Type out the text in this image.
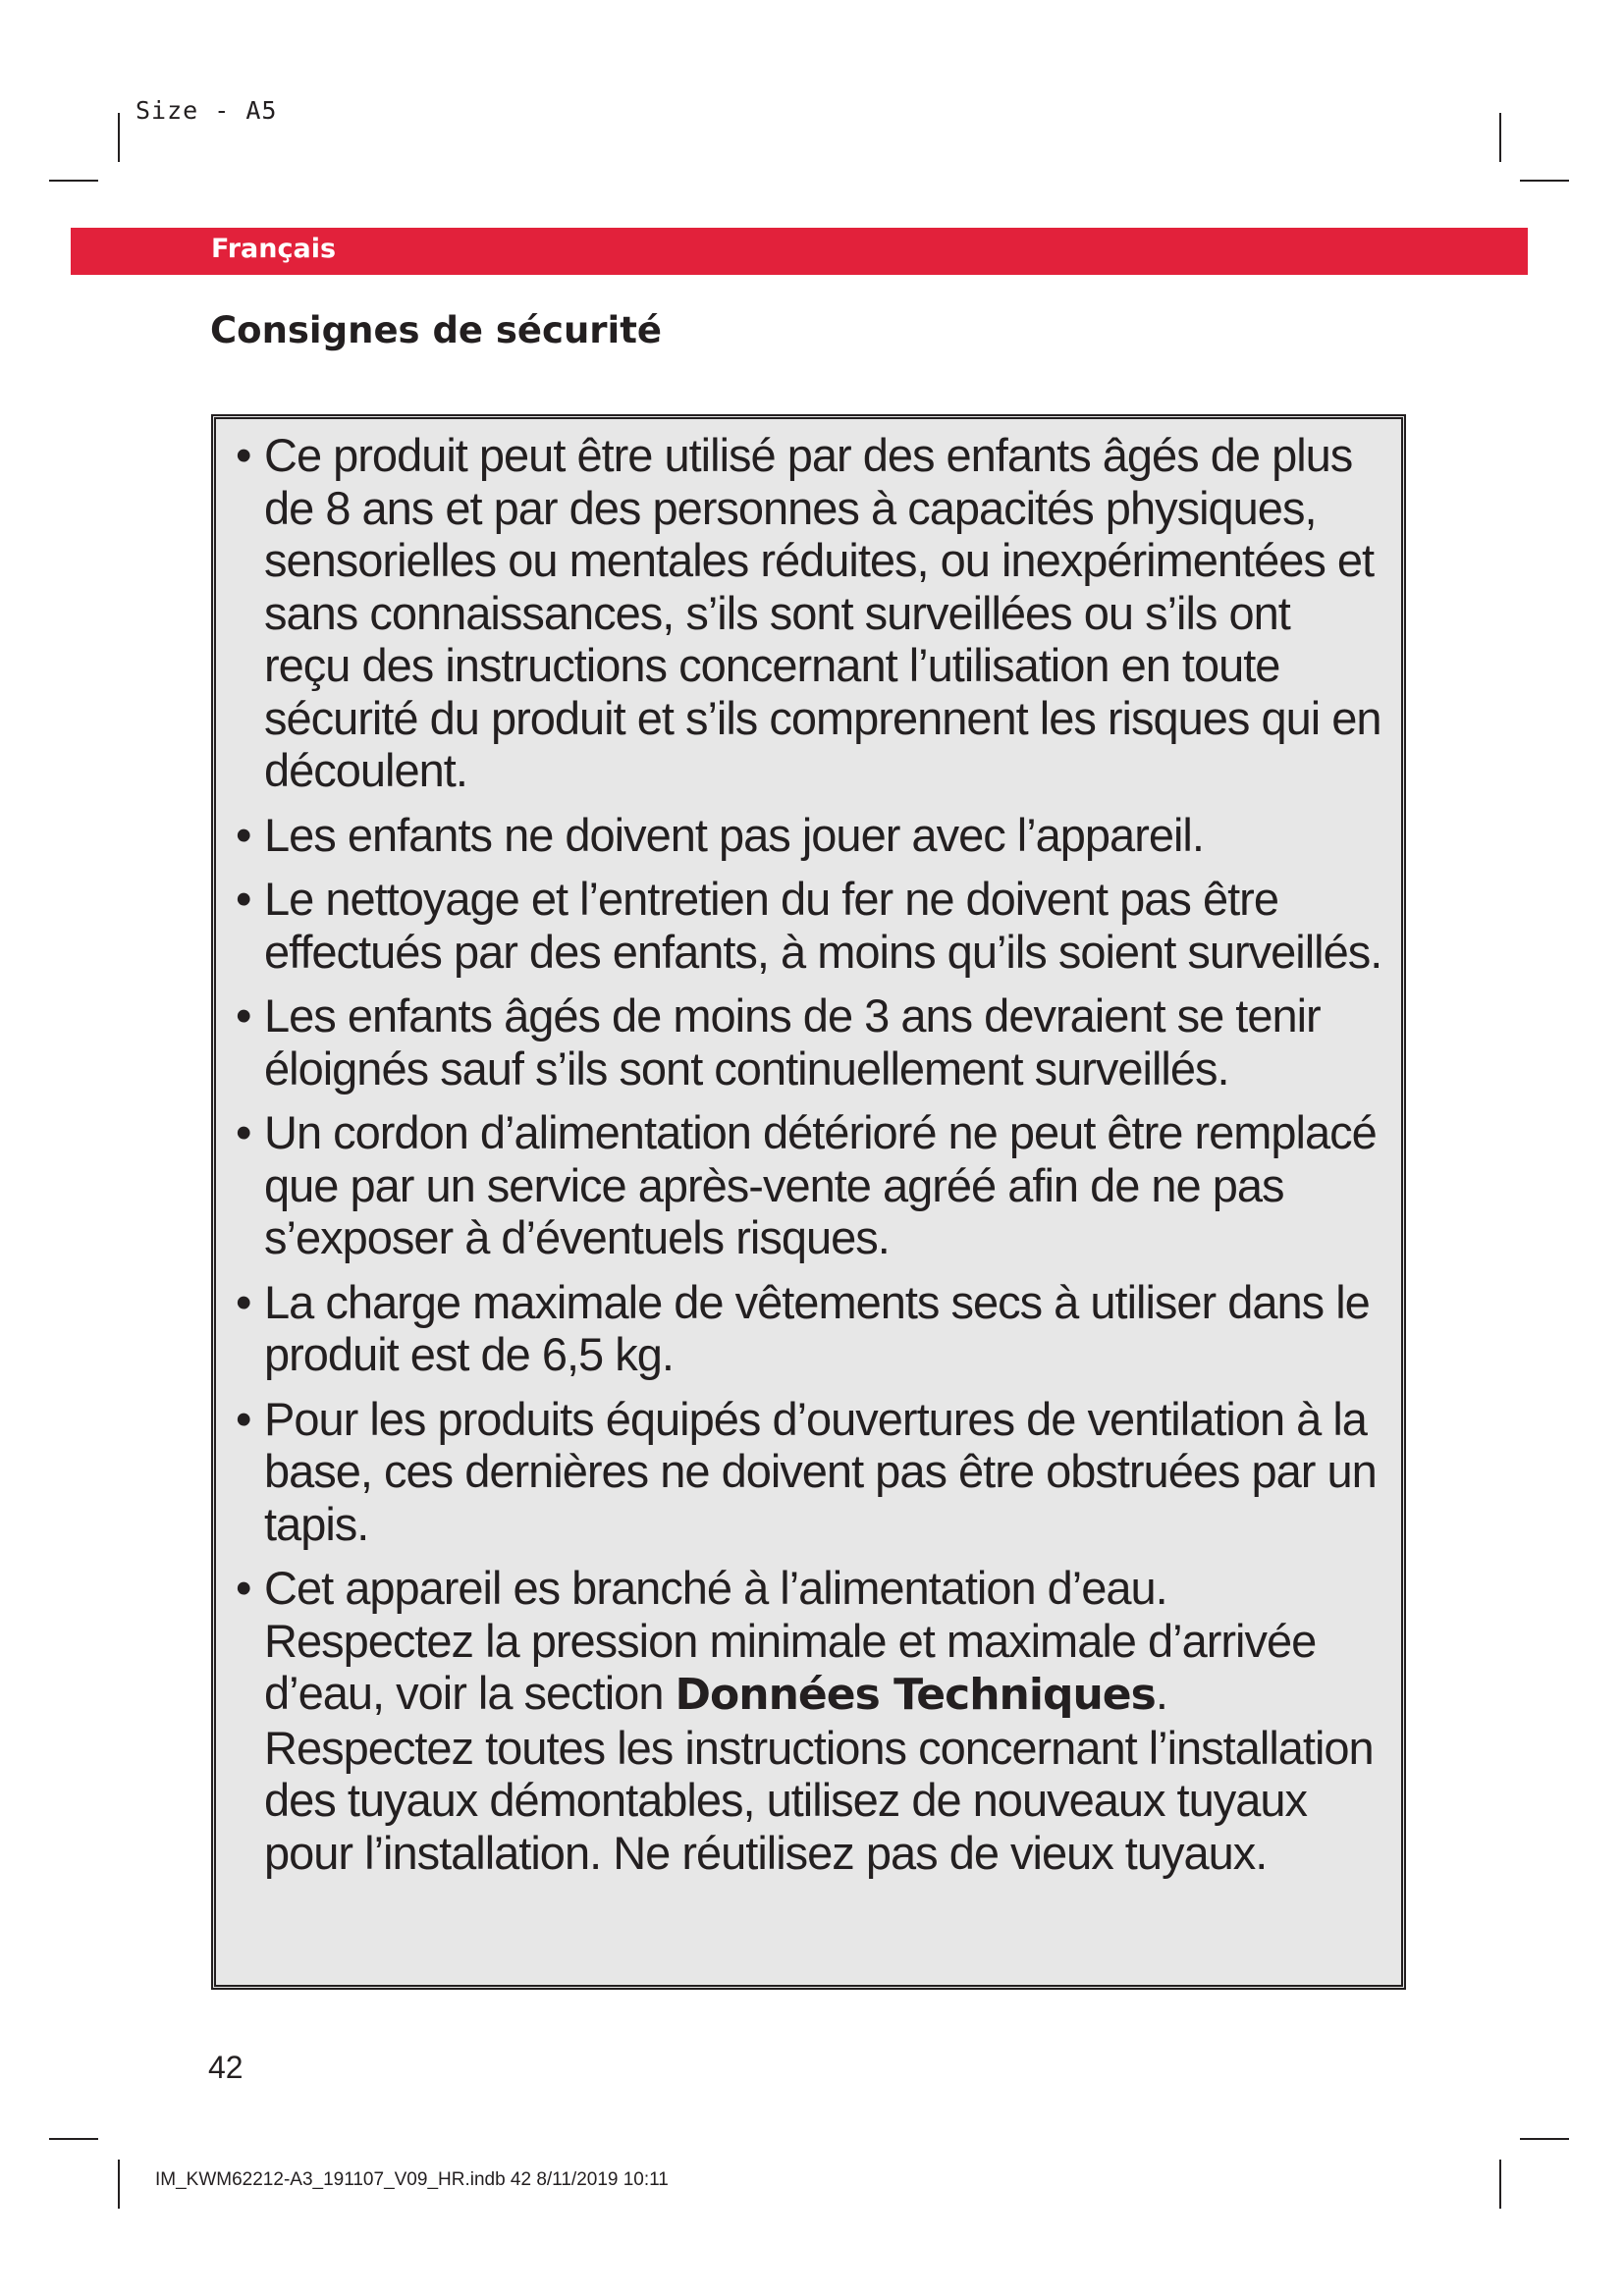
Size - A5
Français
Consignes de sécurité
• Ce produit peut être utilisé par des enfants âgés de plus de 8 ans et par des personnes à capacités physiques, sensorielles ou mentales réduites, ou inexpérimentées et sans connaissances, s’ils sont surveillées ou s’ils ont reçu des instructions concernant l’utilisation en toute sécurité du produit et s’ils comprennent les risques qui en découlent.
• Les enfants ne doivent pas jouer avec l’appareil.
• Le nettoyage et l’entretien du fer ne doivent pas être effectués par des enfants, à moins qu’ils soient surveillés.
• Les enfants âgés de moins de 3 ans devraient se tenir éloignés sauf s’ils sont continuellement surveillés.
• Un cordon d’alimentation détérioré ne peut être remplacé que par un service après-vente agréé afin de ne pas s’exposer à d’éventuels risques.
• La charge maximale de vêtements secs à utiliser dans le produit est de 6,5 kg.
• Pour les produits équipés d’ouvertures de ventilation à la base, ces dernières ne doivent pas être obstruées par un tapis.
• Cet appareil es branché à l’alimentation d’eau. Respectez la pression minimale et maximale d’arrivée d’eau, voir la section Données Techniques. Respectez toutes les instructions concernant l’installation des tuyaux démontables, utilisez de nouveaux tuyaux pour l’installation. Ne réutilisez pas de vieux tuyaux.
42
IM_KWM62212-A3_191107_V09_HR.indb 42 8/11/2019 10:11
